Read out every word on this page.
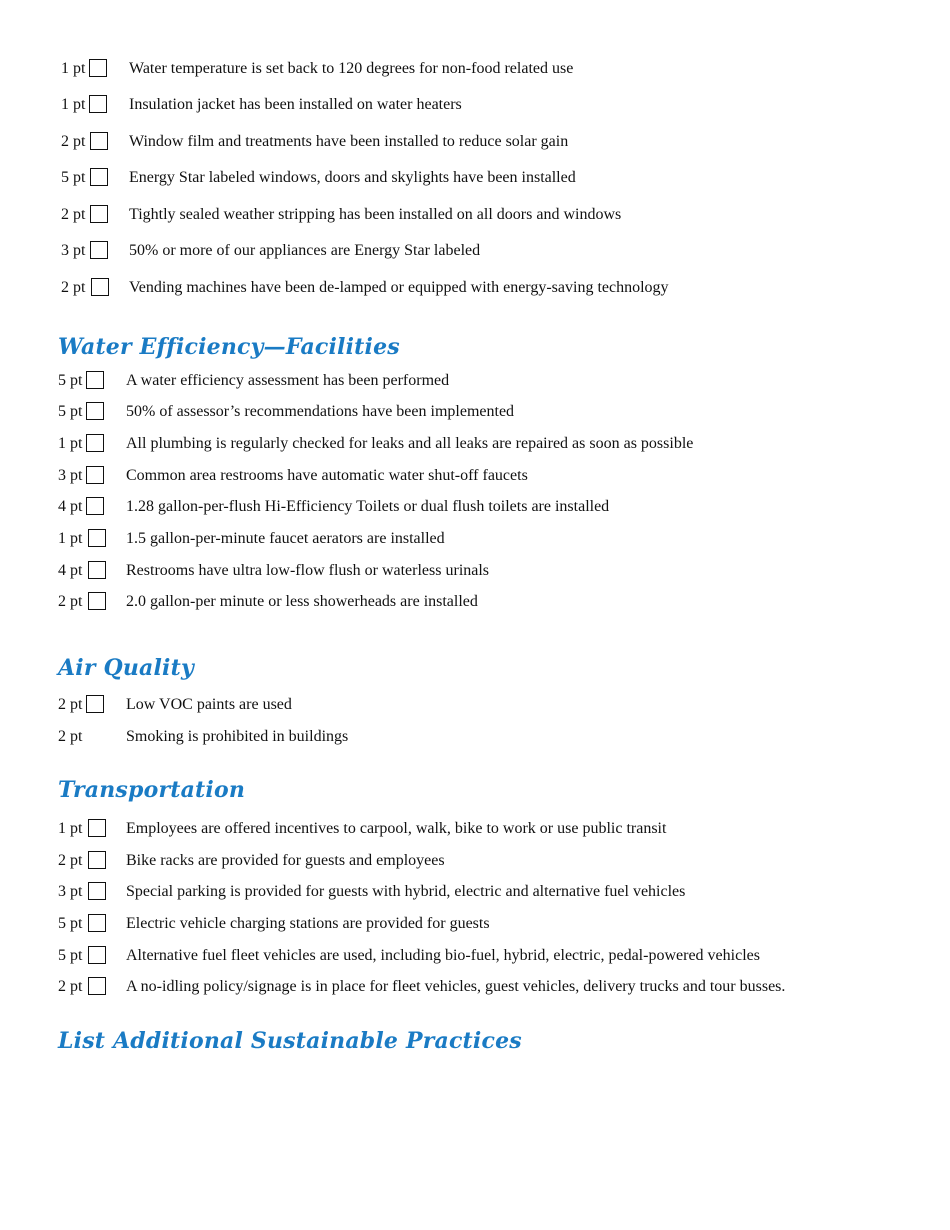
1 pt	Water temperature is set back to 120 degrees for non-food related use
1 pt	Insulation jacket has been installed on water heaters
2 pt	Window film and treatments have been installed to reduce solar gain
5 pt	Energy Star labeled windows, doors and skylights have been installed
2 pt	Tightly sealed weather stripping has been installed on all doors and windows
3 pt	50% or more of our appliances are Energy Star labeled
2 pt	Vending machines have been de-lamped or equipped with energy-saving technology
Water Efficiency—Facilities
5 pt	A water efficiency assessment has been performed
5 pt	50% of assessor’s recommendations have been implemented
1 pt	All plumbing is regularly checked for leaks and all leaks are repaired as soon as possible
3 pt	Common area restrooms have automatic water shut-off faucets
4 pt	1.28 gallon-per-flush Hi-Efficiency Toilets or dual flush toilets are installed
1 pt	1.5 gallon-per-minute faucet aerators are installed
4 pt	Restrooms have ultra low-flow flush or waterless urinals
2 pt	2.0 gallon-per minute or less showerheads are installed
Air Quality
2 pt	Low VOC paints are used
2 pt	Smoking is prohibited in buildings
Transportation
1 pt	Employees are offered incentives to carpool, walk, bike to work or use public transit
2 pt	Bike racks are provided for guests and employees
3 pt	Special parking is provided for guests with hybrid, electric and alternative fuel vehicles
5 pt	Electric vehicle charging stations are provided for guests
5 pt	Alternative fuel fleet vehicles are used, including bio-fuel, hybrid, electric, pedal-powered vehicles
2 pt	A no-idling policy/signage is in place for fleet vehicles, guest vehicles, delivery trucks and tour busses.
List Additional Sustainable Practices
